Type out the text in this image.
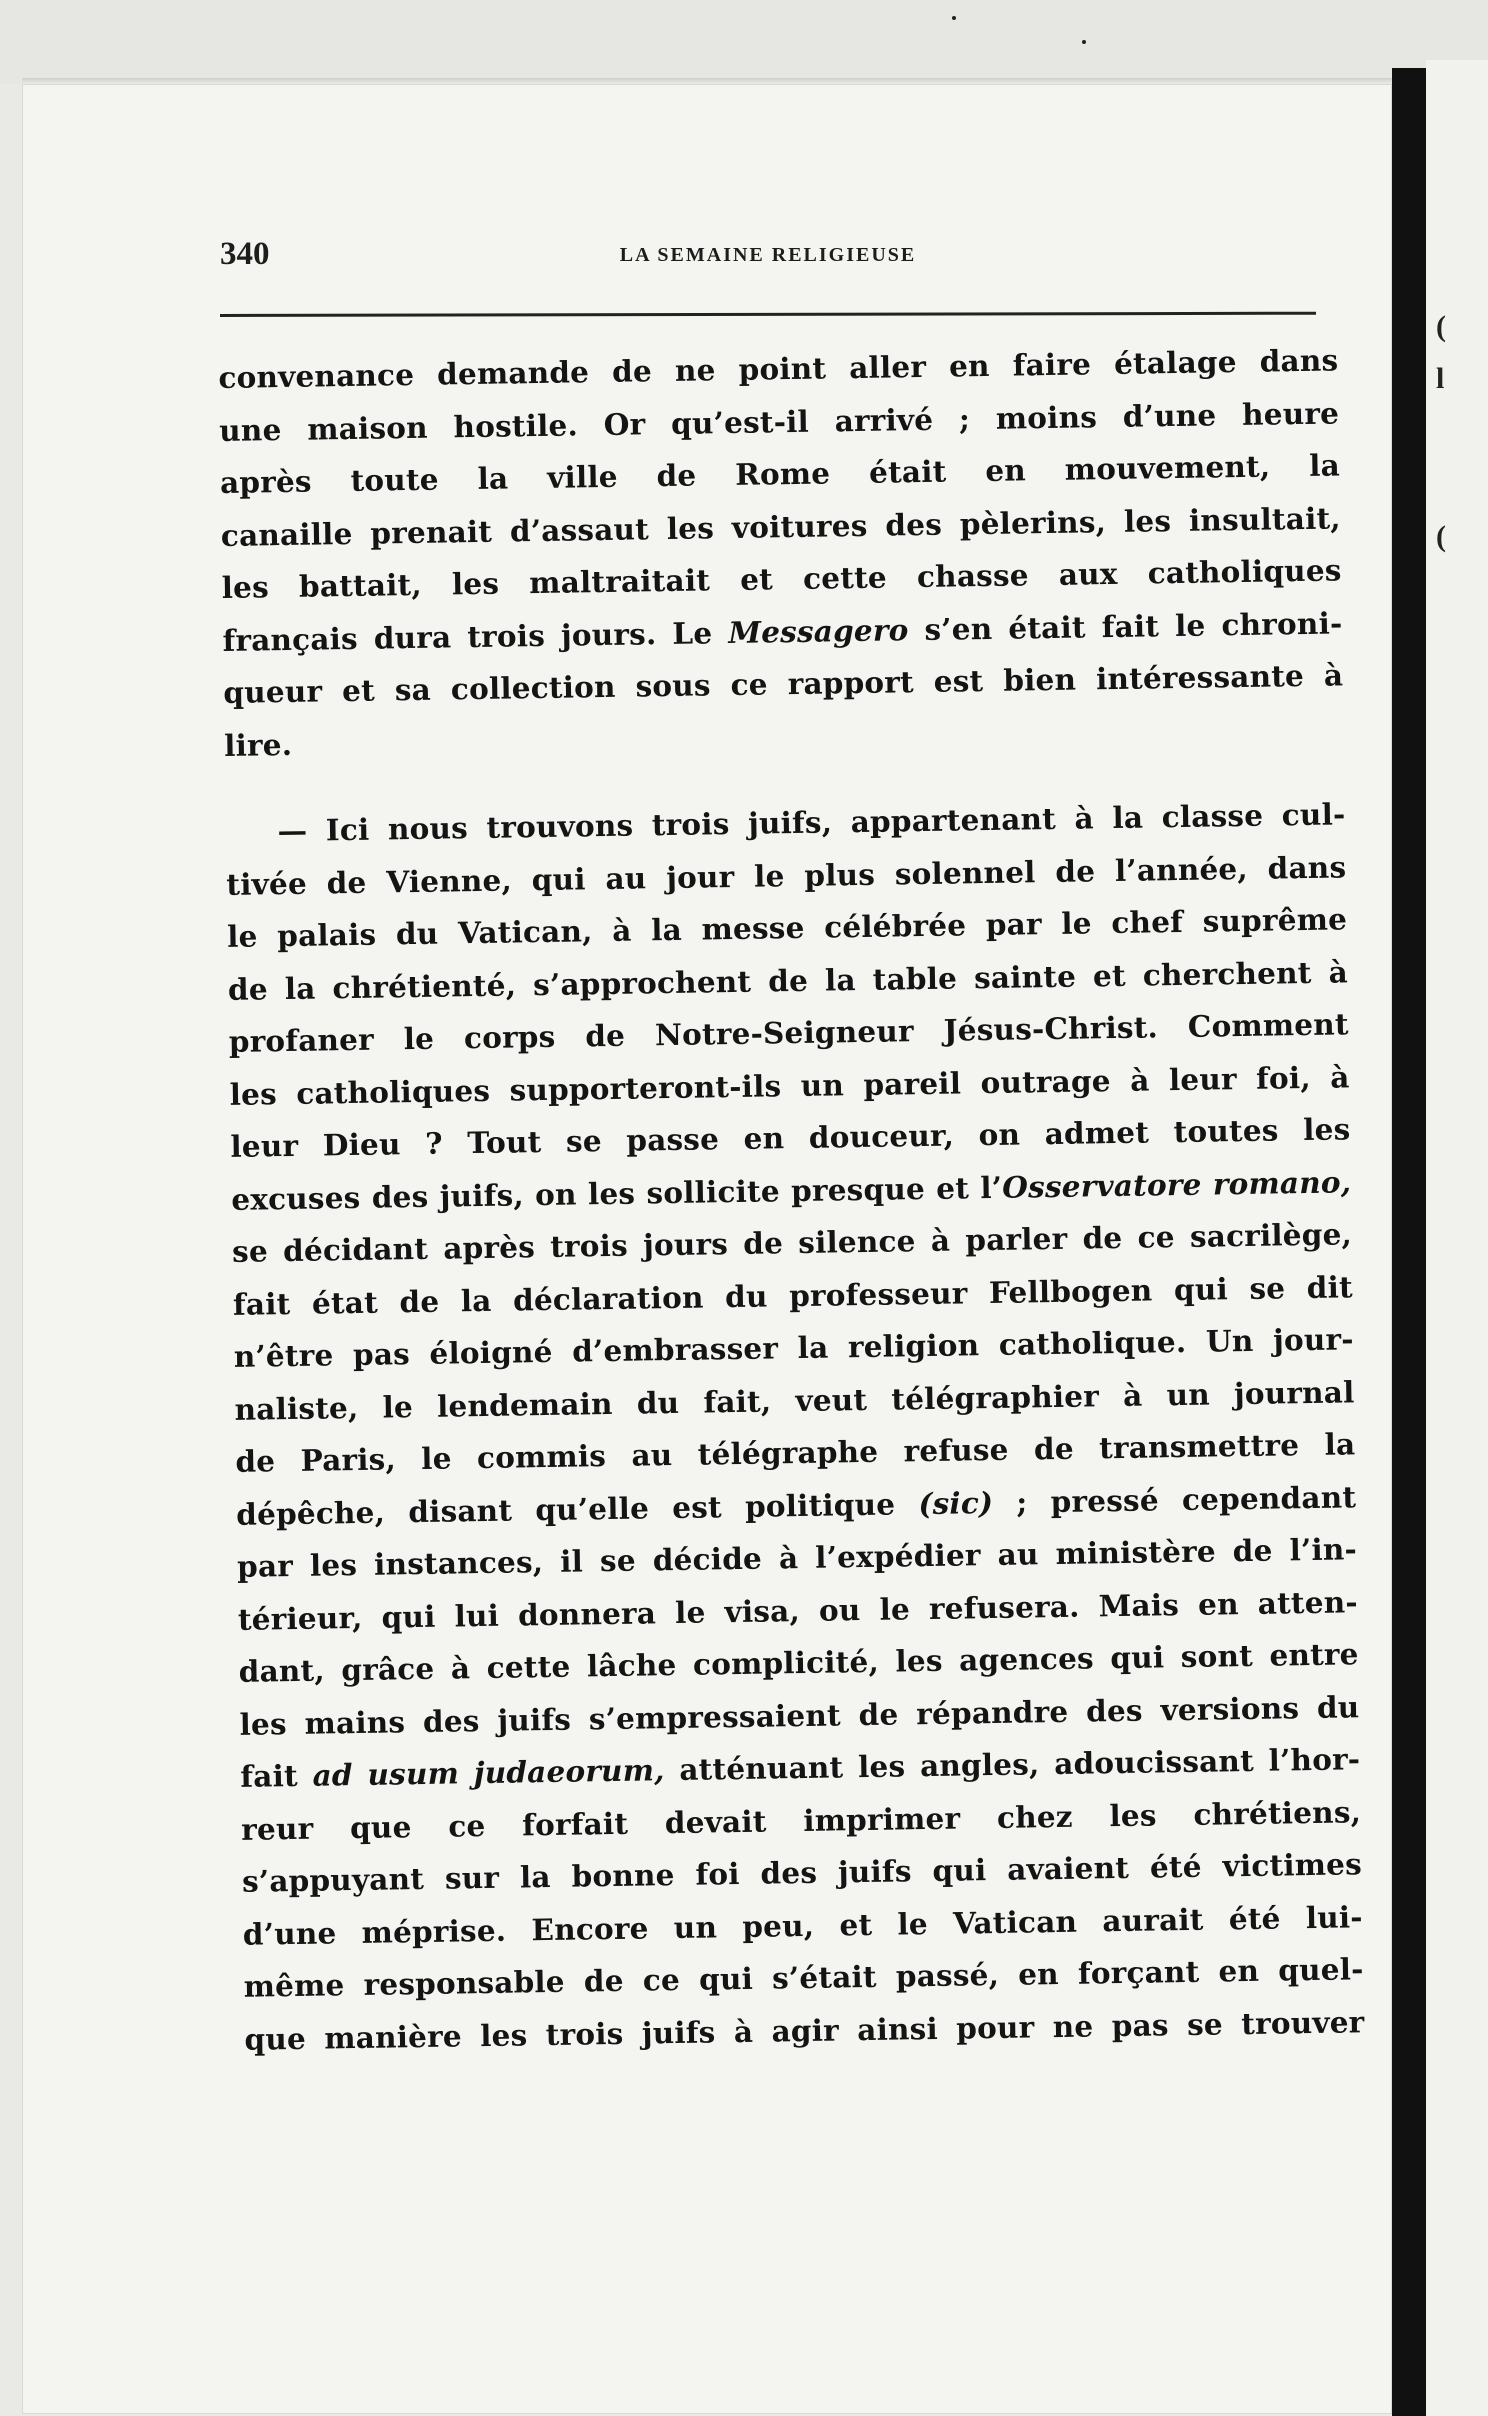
(
l
(
340	LA SEMAINE RELIGIEUSE
convenance demande de ne point aller en faire étalage dans
une maison hostile. Or qu’est-il arrivé ; moins d’une heure
après toute la ville de Rome était en mouvement, la
canaille prenait d’assaut les voitures des pèlerins, les insultait,
les battait, les maltraitait et cette chasse aux catholiques
français dura trois jours. Le Messagero s’en était fait le chroni-
queur et sa collection sous ce rapport est bien intéressante à
lire.
— Ici nous trouvons trois juifs, appartenant à la classe cul-
tivée de Vienne, qui au jour le plus solennel de l’année, dans
le palais du Vatican, à la messe célébrée par le chef suprême
de la chrétienté, s’approchent de la table sainte et cherchent à
profaner le corps de Notre-Seigneur Jésus-Christ. Comment
les catholiques supporteront-ils un pareil outrage à leur foi, à
leur Dieu ? Tout se passe en douceur, on admet toutes les
excuses des juifs, on les sollicite presque et l’Osservatore romano,
se décidant après trois jours de silence à parler de ce sacrilège,
fait état de la déclaration du professeur Fellbogen qui se dit
n’être pas éloigné d’embrasser la religion catholique. Un jour-
naliste, le lendemain du fait, veut télégraphier à un journal
de Paris, le commis au télégraphe refuse de transmettre la
dépêche, disant qu’elle est politique (sic) ; pressé cependant
par les instances, il se décide à l’expédier au ministère de l’in-
térieur, qui lui donnera le visa, ou le refusera. Mais en atten-
dant, grâce à cette lâche complicité, les agences qui sont entre
les mains des juifs s’empressaient de répandre des versions du
fait ad usum judaeorum, atténuant les angles, adoucissant l’hor-
reur que ce forfait devait imprimer chez les chrétiens,
s’appuyant sur la bonne foi des juifs qui avaient été victimes
d’une méprise. Encore un peu, et le Vatican aurait été lui-
même responsable de ce qui s’était passé, en forçant en quel-
que manière les trois juifs à agir ainsi pour ne pas se trouver
